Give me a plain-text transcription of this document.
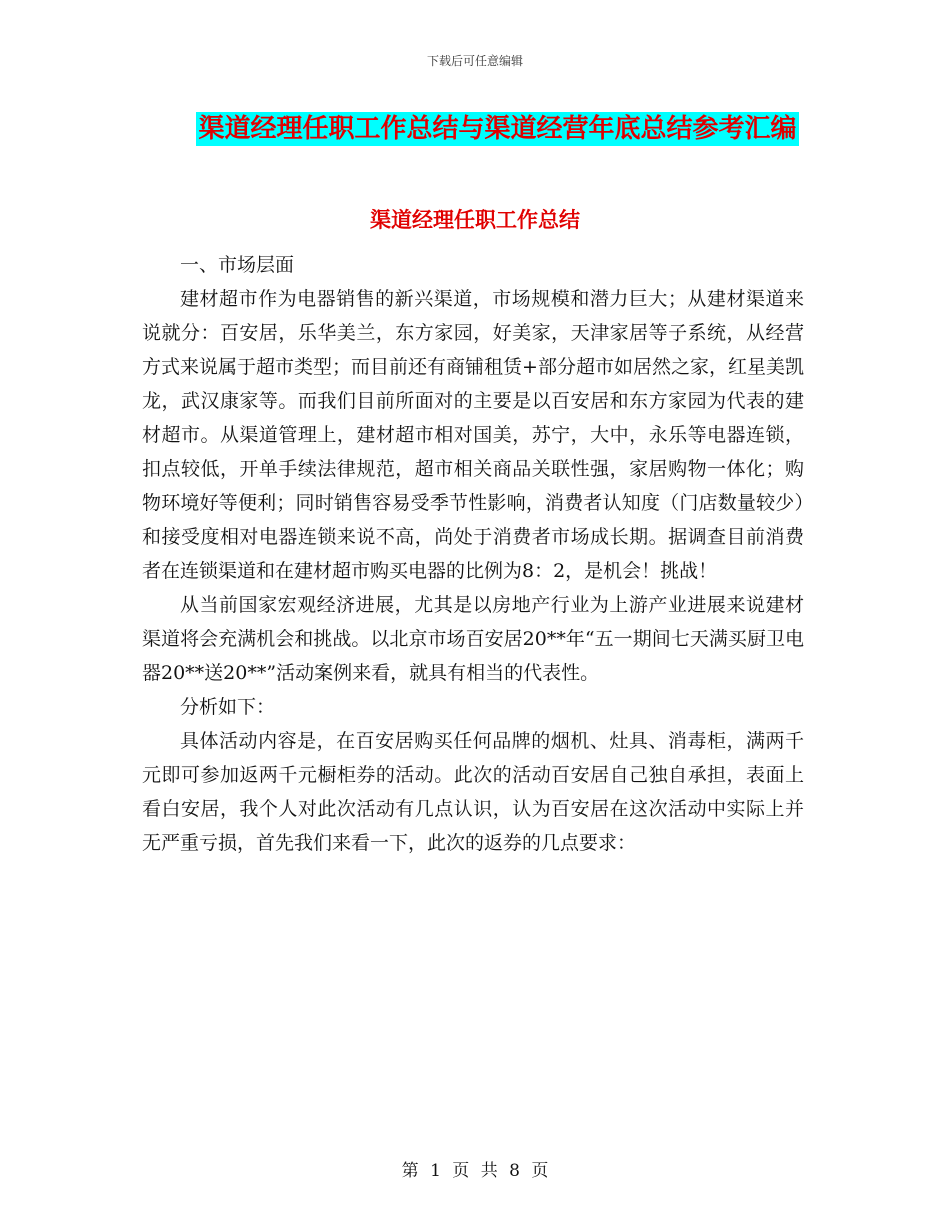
下载后可任意编辑
渠道经理任职工作总结与渠道经营年底总结参考汇编
渠道经理任职工作总结

一、市场层面

建材超市作为电器销售的新兴渠道，市场规模和潜力巨大；从建材渠道来说就分：百安居，乐华美兰，东方家园，好美家，天津家居等子系统，从经营方式来说属于超市类型；而目前还有商铺租赁+部分超市如居然之家，红星美凯龙，武汉康家等。而我们目前所面对的主要是以百安居和东方家园为代表的建材超市。从渠道管理上，建材超市相对国美，苏宁，大中，永乐等电器连锁，扣点较低，开单手续法律规范，超市相关商品关联性强，家居购物一体化；购物环境好等便利；同时销售容易受季节性影响，消费者认知度（门店数量较少）和接受度相对电器连锁来说不高，尚处于消费者市场成长期。据调查目前消费者在连锁渠道和在建材超市购买电器的比例为8：2，是机会！挑战！

从当前国家宏观经济进展，尤其是以房地产行业为上游产业进展来说建材渠道将会充满机会和挑战。以北京市场百安居20**年“五一期间七天满买厨卫电器20**送20**”活动案例来看，就具有相当的代表性。

分析如下：

具体活动内容是，在百安居购买任何品牌的烟机、灶具、消毒柜，满两千元即可参加返两千元橱柜券的活动。此次的活动百安居自己独自承担，表面上看白安居，我个人对此次活动有几点认识，认为百安居在这次活动中实际上并无严重亏损，首先我们来看一下，此次的返券的几点要求：

第 1 页 共 8 页
